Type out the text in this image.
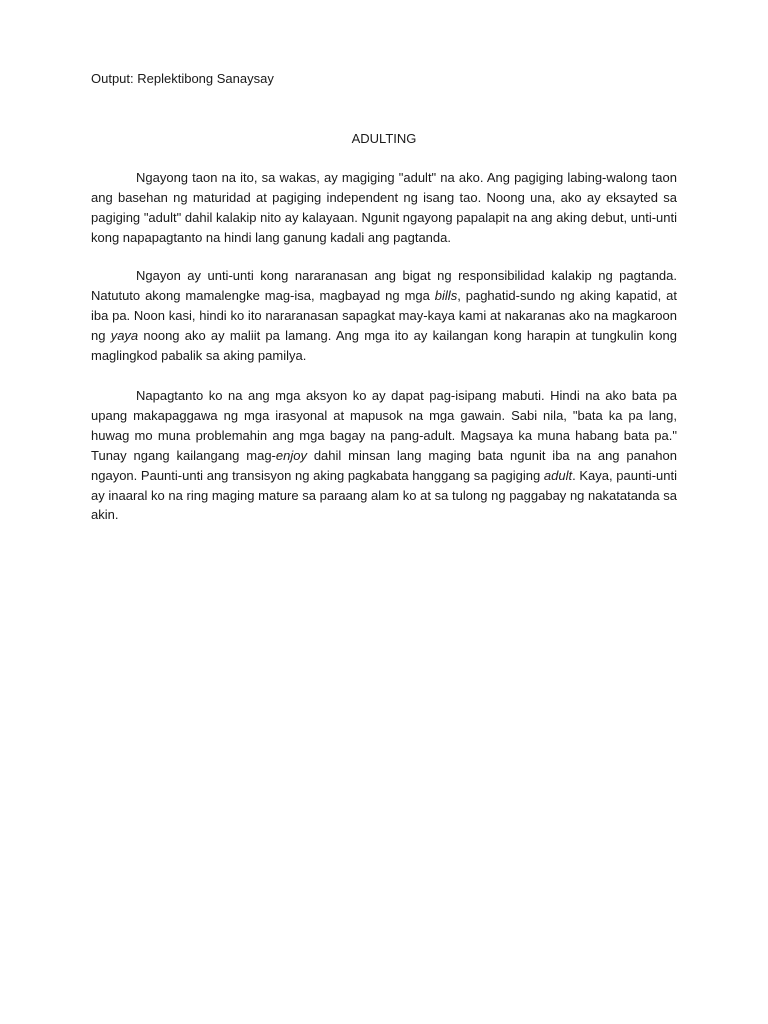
Output: Replektibong Sanaysay

ADULTING

Ngayong taon na ito, sa wakas, ay magiging "adult" na ako. Ang pagiging labing-walong taon ang basehan ng maturidad at pagiging independent ng isang tao. Noong una, ako ay eksayted sa pagiging "adult" dahil kalakip nito ay kalayaan. Ngunit ngayong papalapit na ang aking debut, unti-unti kong napapagtanto na hindi lang ganung kadali ang pagtanda.

Ngayon ay unti-unti kong nararanasan ang bigat ng responsibilidad kalakip ng pagtanda. Natututo akong mamalengke mag-isa, magbayad ng mga bills, paghatid-sundo ng aking kapatid, at iba pa. Noon kasi, hindi ko ito nararanasan sapagkat may-kaya kami at nakaranas ako na magkaroon ng yaya noong ako ay maliit pa lamang. Ang mga ito ay kailangan kong harapin at tungkulin kong maglingkod pabalik sa aking pamilya.

Napagtanto ko na ang mga aksyon ko ay dapat pag-isipang mabuti. Hindi na ako bata pa upang makapaggawa ng mga irasyonal at mapusok na mga gawain. Sabi nila, "bata ka pa lang, huwag mo muna problemahin ang mga bagay na pang-adult. Magsaya ka muna habang bata pa." Tunay ngang kailangang mag-enjoy dahil minsan lang maging bata ngunit iba na ang panahon ngayon. Paunti-unti ang transisyon ng aking pagkabata hanggang sa pagiging adult. Kaya, paunti-unti ay inaaral ko na ring maging mature sa paraang alam ko at sa tulong ng paggabay ng nakatatanda sa akin.
